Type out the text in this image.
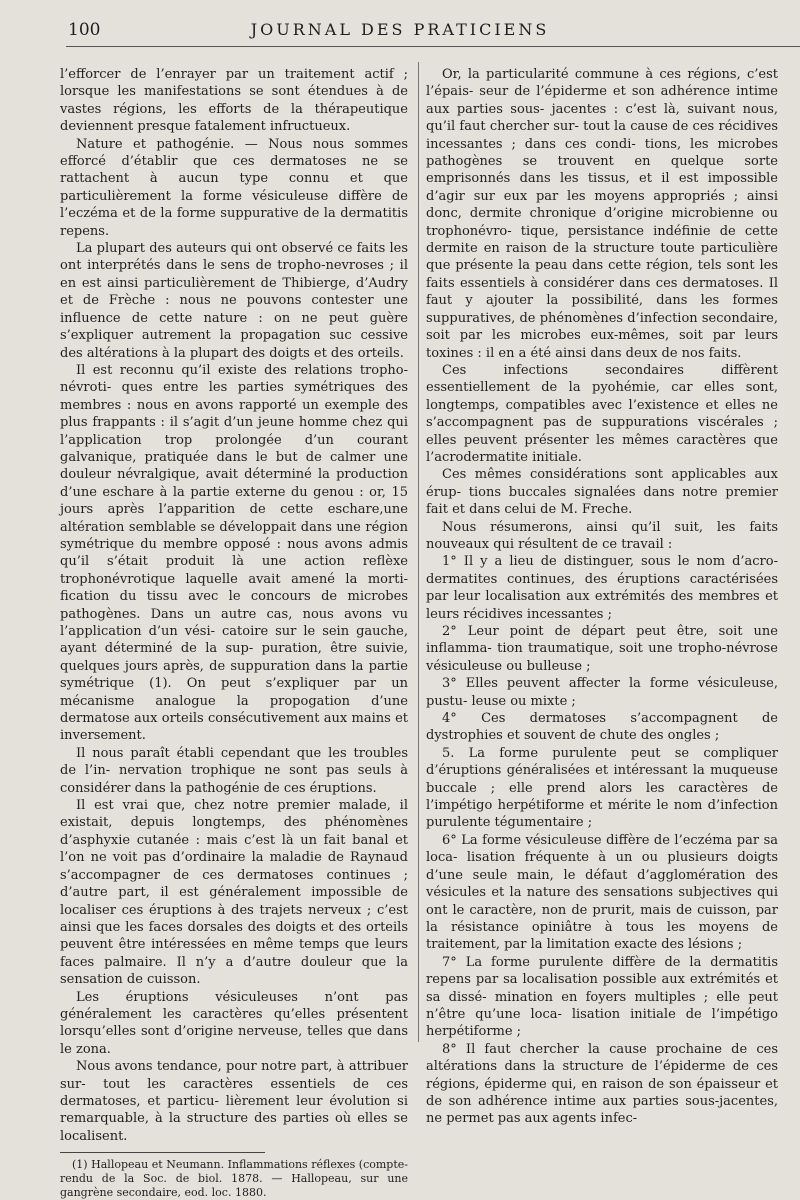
100	JOURNAL DES PRATICIENS

l’efforcer de l’enrayer par un traitement actif ; lorsque les manifestations se sont étendues à de vastes régions, les efforts de la thérapeutique deviennent presque fatalement infructueux.

Nature et pathogénie. — Nous nous sommes efforcé d’établir que ces dermatoses ne se rattachent à aucun type connu et que particulièrement la forme vésiculeuse diffère de l’eczéma et de la forme suppurative de la dermatitis repens.

La plupart des auteurs qui ont observé ce faits les ont interprétés dans le sens de tropho-nevroses ; il en est ainsi particulièrement de Thibierge, d’Audry et de Frèche : nous ne pouvons contester une influence de cette nature : on ne peut guère s’expliquer autrement la propagation suc cessive des altérations à la plupart des doigts et des orteils.

Il est reconnu qu’il existe des relations tropho-névroti- ques entre les parties symétriques des membres : nous en avons rapporté un exemple des plus frappants : il s’agit d’un jeune homme chez qui l’application trop prolongée d’un courant galvanique, pratiquée dans le but de calmer une douleur névralgique, avait déterminé la production d’une eschare à la partie externe du genou : or, 15 jours après l’apparition de cette eschare,une altération semblable se développait dans une région symétrique du membre opposé : nous avons admis qu’il s’était produit là une action reflèxe trophonévrotique laquelle avait amené la morti- fication du tissu avec le concours de microbes pathogènes. Dans un autre cas, nous avons vu l’application d’un vési- catoire sur le sein gauche, ayant déterminé de la sup- puration, être suivie, quelques jours après, de suppuration dans la partie symétrique (1). On peut s’expliquer par un mécanisme analogue la propogation d’une dermatose aux orteils consécutivement aux mains et inversement.

Il nous paraît établi cependant que les troubles de l’in- nervation trophique ne sont pas seuls à considérer dans la pathogénie de ces éruptions.

Il est vrai que, chez notre premier malade, il existait, depuis longtemps, des phénomènes d’asphyxie cutanée : mais c’est là un fait banal et l’on ne voit pas d’ordinaire la maladie de Raynaud s’accompagner de ces dermatoses continues ; d’autre part, il est généralement impossible de localiser ces éruptions à des trajets nerveux ; c’est ainsi que les faces dorsales des doigts et des orteils peuvent être intéressées en même temps que leurs faces palmaire. Il n’y a d’autre douleur que la sensation de cuisson.

Les éruptions vésiculeuses n’ont pas généralement les caractères qu’elles présentent lorsqu’elles sont d’origine nerveuse, telles que dans le zona.

Nous avons tendance, pour notre part, à attribuer sur- tout les caractères essentiels de ces dermatoses, et particu- lièrement leur évolution si remarquable, à la structure des parties où elles se localisent.

(1) Hallopeau et Neumann. Inflammations réflexes (compte- rendu de la Soc. de biol. 1878. — Hallopeau, sur une gangrène secondaire, eod. loc. 1880.

Or, la particularité commune à ces régions, c’est l’épais- seur de l’épiderme et son adhérence intime aux parties sous- jacentes : c’est là, suivant nous, qu’il faut chercher sur- tout la cause de ces récidives incessantes ; dans ces condi- tions, les microbes pathogènes se trouvent en quelque sorte emprisonnés dans les tissus, et il est impossible d’agir sur eux par les moyens appropriés ; ainsi donc, dermite chronique d’origine microbienne ou trophonévro- tique, persistance indéfinie de cette dermite en raison de la structure toute particulière que présente la peau dans cette région, tels sont les faits essentiels à considérer dans ces dermatoses. Il faut y ajouter la possibilité, dans les formes suppuratives, de phénomènes d’infection secondaire, soit par les microbes eux-mêmes, soit par leurs toxines : il en a été ainsi dans deux de nos faits.

Ces infections secondaires diffèrent essentiellement de la pyohémie, car elles sont, longtemps, compatibles avec l’existence et elles ne s’accompagnent pas de suppurations viscérales ; elles peuvent présenter les mêmes caractères que l’acrodermatite initiale.

Ces mêmes considérations sont applicables aux érup- tions buccales signalées dans notre premier fait et dans celui de M. Freche.

Nous résumerons, ainsi qu’il suit, les faits nouveaux qui résultent de ce travail :

1° Il y a lieu de distinguer, sous le nom d’acro-dermatites continues, des éruptions caractérisées par leur localisation aux extrémités des membres et leurs récidives incessantes ;

2° Leur point de départ peut être, soit une inflamma- tion traumatique, soit une tropho-névrose vésiculeuse ou bulleuse ;

3° Elles peuvent affecter la forme vésiculeuse, pustu- leuse ou mixte ;

4° Ces dermatoses s’accompagnent de dystrophies et souvent de chute des ongles ;

5. La forme purulente peut se compliquer d’éruptions généralisées et intéressant la muqueuse buccale ; elle prend alors les caractères de l’impétigo herpétiforme et mérite le nom d’infection purulente tégumentaire ;

6° La forme vésiculeuse diffère de l’eczéma par sa loca- lisation fréquente à un ou plusieurs doigts d’une seule main, le défaut d’agglomération des vésicules et la nature des sensations subjectives qui ont le caractère, non de prurit, mais de cuisson, par la résistance opiniâtre à tous les moyens de traitement, par la limitation exacte des lésions ;

7° La forme purulente diffère de la dermatitis repens par sa localisation possible aux extrémités et sa dissé- mination en foyers multiples ; elle peut n’être qu’une loca- lisation initiale de l’impétigo herpétiforme ;

8° Il faut chercher la cause prochaine de ces altérations dans la structure de l’épiderme de ces régions, épiderme qui, en raison de son épaisseur et de son adhérence intime aux parties sous-jacentes, ne permet pas aux agents infec-
